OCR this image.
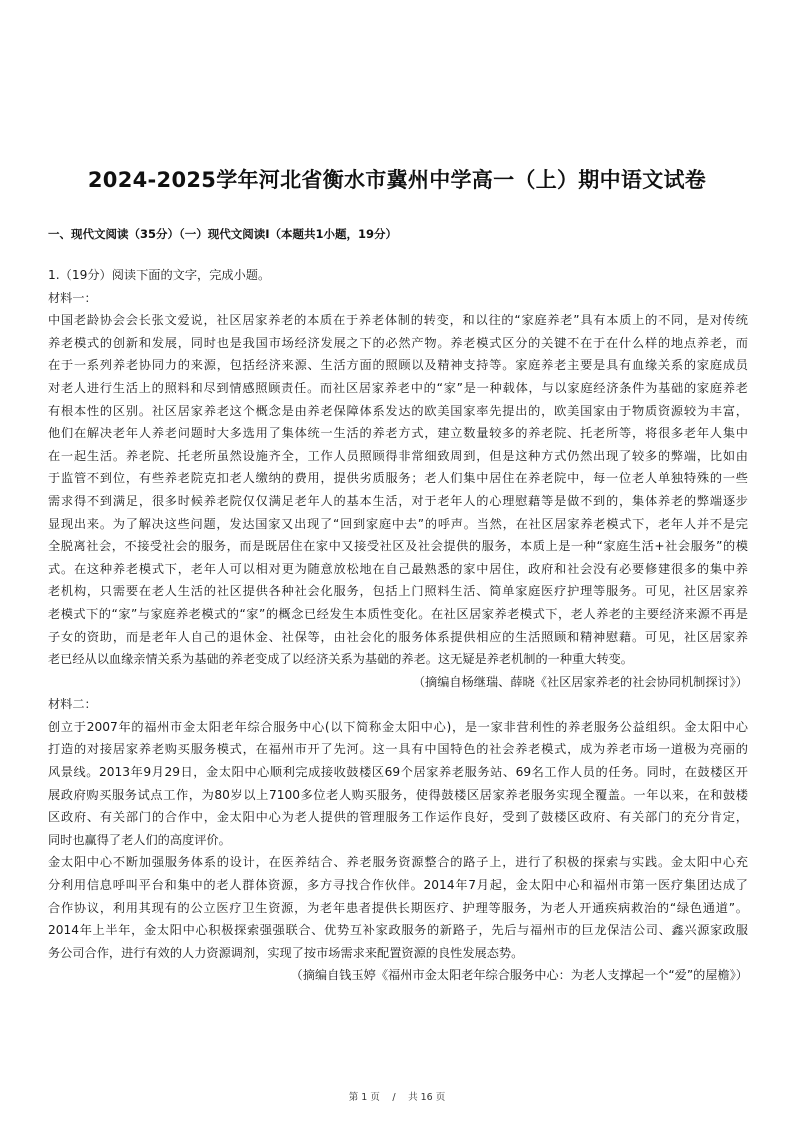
2024-2025学年河北省衡水市冀州中学高一（上）期中语文试卷
一、现代文阅读（35分）（一）现代文阅读I（本题共1小题，19分）
1.（19分）阅读下面的文字，完成小题。
材料一：
中国老龄协会会长张文爱说，社区居家养老的本质在于养老体制的转变，和以往的“家庭养老”具有本质上的不同，是对传统
养老模式的创新和发展，同时也是我国市场经济发展之下的必然产物。养老模式区分的关键不在于在什么样的地点养老，而
在于一系列养老协同力的来源，包括经济来源、生活方面的照顾以及精神支持等。家庭养老主要是具有血缘关系的家庭成员
对老人进行生活上的照料和尽到情感照顾责任。而社区居家养老中的“家”是一种载体，与以家庭经济条件为基础的家庭养老
有根本性的区别。社区居家养老这个概念是由养老保障体系发达的欧美国家率先提出的，欧美国家由于物质资源较为丰富，
他们在解决老年人养老问题时大多选用了集体统一生活的养老方式，建立数量较多的养老院、托老所等，将很多老年人集中
在一起生活。养老院、托老所虽然设施齐全，工作人员照顾得非常细致周到，但是这种方式仍然出现了较多的弊端，比如由
于监管不到位，有些养老院克扣老人缴纳的费用，提供劣质服务；老人们集中居住在养老院中，每一位老人单独特殊的一些
需求得不到满足，很多时候养老院仅仅满足老年人的基本生活，对于老年人的心理慰藉等是做不到的，集体养老的弊端逐步
显现出来。为了解决这些问题，发达国家又出现了“回到家庭中去”的呼声。当然，在社区居家养老模式下，老年人并不是完
全脱离社会，不接受社会的服务，而是既居住在家中又接受社区及社会提供的服务，本质上是一种“家庭生活+社会服务”的模
式。在这种养老模式下，老年人可以相对更为随意放松地在自己最熟悉的家中居住，政府和社会没有必要修建很多的集中养
老机构，只需要在老人生活的社区提供各种社会化服务，包括上门照料生活、简单家庭医疗护理等服务。可见，社区居家养
老模式下的“家”与家庭养老模式的“家”的概念已经发生本质性变化。在社区居家养老模式下，老人养老的主要经济来源不再是
子女的资助，而是老年人自己的退休金、社保等，由社会化的服务体系提供相应的生活照顾和精神慰藉。可见，社区居家养
老已经从以血缘亲情关系为基础的养老变成了以经济关系为基础的养老。这无疑是养老机制的一种重大转变。
（摘编自杨继瑞、薛晓《社区居家养老的社会协同机制探讨》）
材料二：
创立于2007年的福州市金太阳老年综合服务中心(以下简称金太阳中心)，是一家非营利性的养老服务公益组织。金太阳中心
打造的对接居家养老购买服务模式，在福州市开了先河。这一具有中国特色的社会养老模式，成为养老市场一道极为亮丽的
风景线。2013年9月29日，金太阳中心顺利完成接收鼓楼区69个居家养老服务站、69名工作人员的任务。同时，在鼓楼区开
展政府购买服务试点工作，为80岁以上7100多位老人购买服务，使得鼓楼区居家养老服务实现全覆盖。一年以来，在和鼓楼
区政府、有关部门的合作中，金太阳中心为老人提供的管理服务工作运作良好，受到了鼓楼区政府、有关部门的充分肯定，
同时也赢得了老人们的高度评价。
金太阳中心不断加强服务体系的设计，在医养结合、养老服务资源整合的路子上，进行了积极的探索与实践。金太阳中心充
分利用信息呼叫平台和集中的老人群体资源，多方寻找合作伙伴。2014年7月起，金太阳中心和福州市第一医疗集团达成了
合作协议，利用其现有的公立医疗卫生资源，为老年患者提供长期医疗、护理等服务，为老人开通疾病救治的“绿色通道”。
2014年上半年，金太阳中心积极探索强强联合、优势互补家政服务的新路子，先后与福州市的巨龙保洁公司、鑫兴源家政服
务公司合作，进行有效的人力资源调剂，实现了按市场需求来配置资源的良性发展态势。
（摘编自钱玉婷《福州市金太阳老年综合服务中心：为老人支撑起一个“爱”的屋檐》）
第 1 页　 /　 共 16 页
